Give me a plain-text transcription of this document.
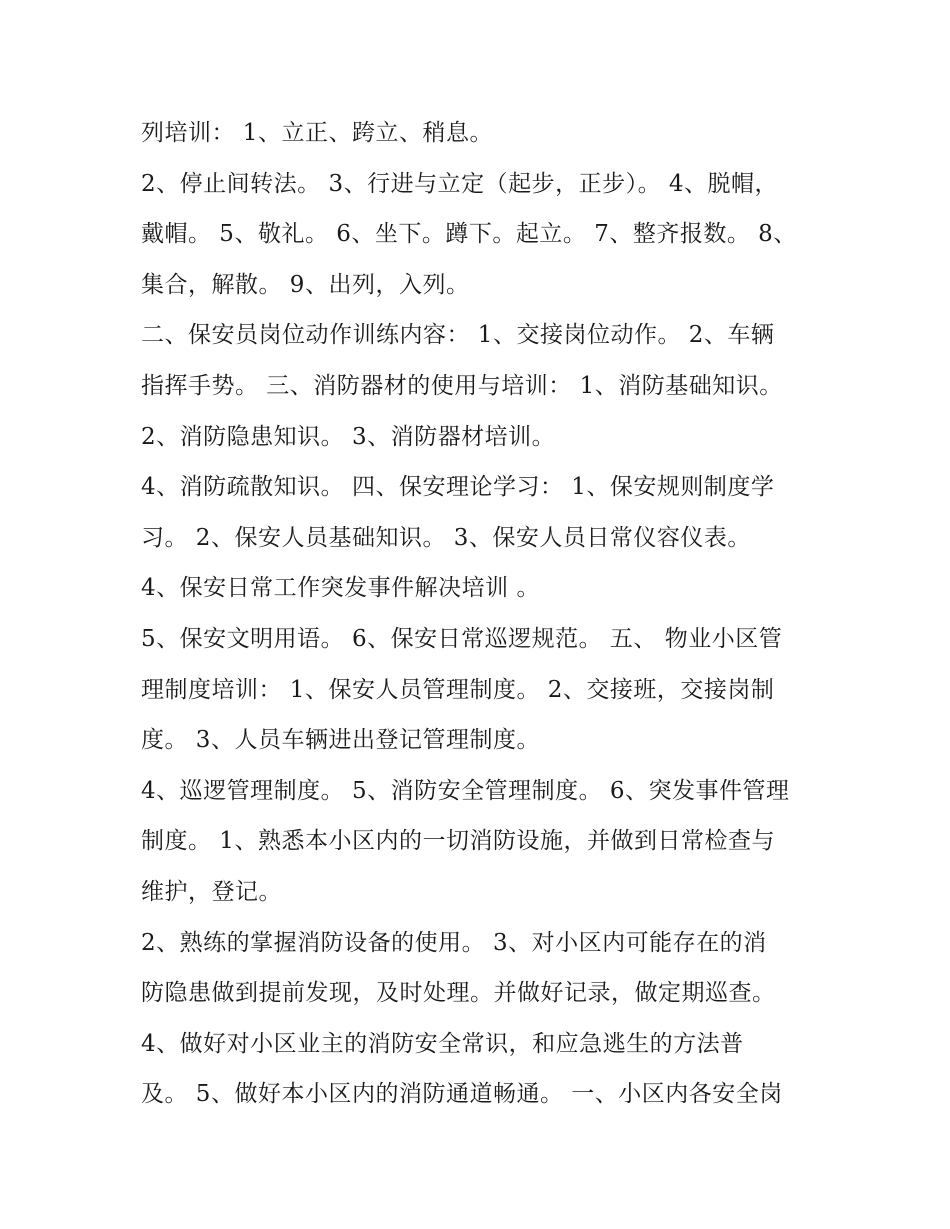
列培训： 1、立正、跨立、稍息。
2、停止间转法。 3、行进与立定（起步，正步）。 4、脱帽，
戴帽。 5、敬礼。 6、坐下。蹲下。起立。 7、整齐报数。 8、
集合，解散。 9、出列，入列。
二、保安员岗位动作训练内容： 1、交接岗位动作。 2、车辆
指挥手势。 三、消防器材的使用与培训： 1、消防基础知识。
2、消防隐患知识。 3、消防器材培训。
4、消防疏散知识。 四、保安理论学习： 1、保安规则制度学
习。 2、保安人员基础知识。 3、保安人员日常仪容仪表。
4、保安日常工作突发事件解决培训 。
5、保安文明用语。 6、保安日常巡逻规范。 五、 物业小区管
理制度培训： 1、保安人员管理制度。 2、交接班，交接岗制
度。 3、人员车辆进出登记管理制度。
4、巡逻管理制度。 5、消防安全管理制度。 6、突发事件管理
制度。 1、熟悉本小区内的一切消防设施，并做到日常检查与
维护，登记。
2、熟练的掌握消防设备的使用。 3、对小区内可能存在的消
防隐患做到提前发现，及时处理。并做好记录，做定期巡查。
4、做好对小区业主的消防安全常识，和应急逃生的方法普
及。 5、做好本小区内的消防通道畅通。 一、小区内各安全岗
